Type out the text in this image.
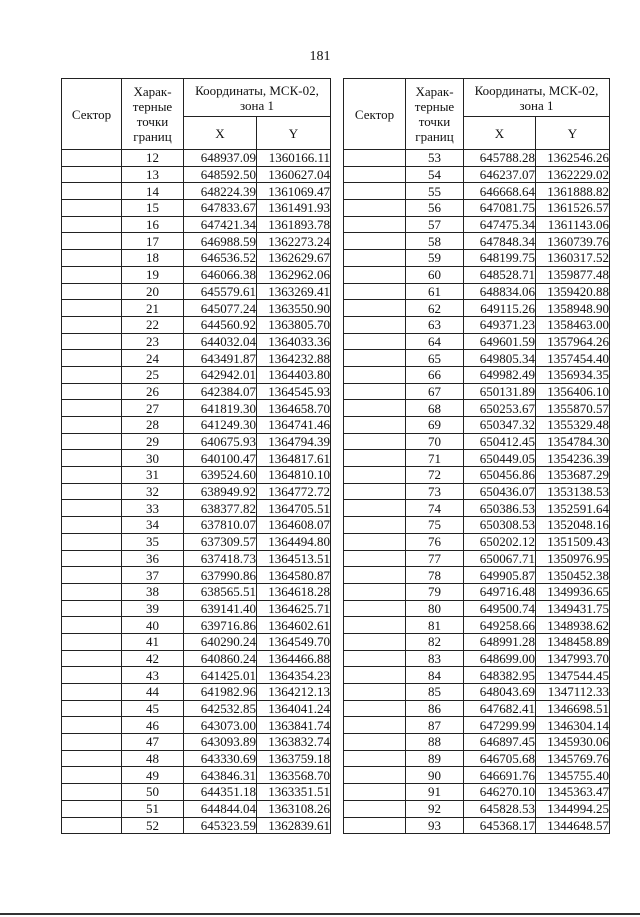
181
Сектор	Харак-терные точки границ	Координаты, МСК-02, зона 1	
		X	Y
	12	648937.09	1360166.11
	13	648592.50	1360627.04
	14	648224.39	1361069.47
	15	647833.67	1361491.93
	16	647421.34	1361893.78
	17	646988.59	1362273.24
	18	646536.52	1362629.67
	19	646066.38	1362962.06
	20	645579.61	1363269.41
	21	645077.24	1363550.90
	22	644560.92	1363805.70
	23	644032.04	1364033.36
	24	643491.87	1364232.88
	25	642942.01	1364403.80
	26	642384.07	1364545.93
	27	641819.30	1364658.70
	28	641249.30	1364741.46
	29	640675.93	1364794.39
	30	640100.47	1364817.61
	31	639524.60	1364810.10
	32	638949.92	1364772.72
	33	638377.82	1364705.51
	34	637810.07	1364608.07
	35	637309.57	1364494.80
	36	637418.73	1364513.51
	37	637990.86	1364580.87
	38	638565.51	1364618.28
	39	639141.40	1364625.71
	40	639716.86	1364602.61
	41	640290.24	1364549.70
	42	640860.24	1364466.88
	43	641425.01	1364354.23
	44	641982.96	1364212.13
	45	642532.85	1364041.24
	46	643073.00	1363841.74
	47	643093.89	1363832.74
	48	643330.69	1363759.18
	49	643846.31	1363568.70
	50	644351.18	1363351.51
	51	644844.04	1363108.26
	52	645323.59	1362839.61
Сектор	Харак-терные точки границ	Координаты, МСК-02, зона 1	
		X	Y
	53	645788.28	1362546.26
	54	646237.07	1362229.02
	55	646668.64	1361888.82
	56	647081.75	1361526.57
	57	647475.34	1361143.06
	58	647848.34	1360739.76
	59	648199.75	1360317.52
	60	648528.71	1359877.48
	61	648834.06	1359420.88
	62	649115.26	1358948.90
	63	649371.23	1358463.00
	64	649601.59	1357964.26
	65	649805.34	1357454.40
	66	649982.49	1356934.35
	67	650131.89	1356406.10
	68	650253.67	1355870.57
	69	650347.32	1355329.48
	70	650412.45	1354784.30
	71	650449.05	1354236.39
	72	650456.86	1353687.29
	73	650436.07	1353138.53
	74	650386.53	1352591.64
	75	650308.53	1352048.16
	76	650202.12	1351509.43
	77	650067.71	1350976.95
	78	649905.87	1350452.38
	79	649716.48	1349936.65
	80	649500.74	1349431.75
	81	649258.66	1348938.62
	82	648991.28	1348458.89
	83	648699.00	1347993.70
	84	648382.95	1347544.45
	85	648043.69	1347112.33
	86	647682.41	1346698.51
	87	647299.99	1346304.14
	88	646897.45	1345930.06
	89	646705.68	1345769.76
	90	646691.76	1345755.40
	91	646270.10	1345363.47
	92	645828.53	1344994.25
	93	645368.17	1344648.57
